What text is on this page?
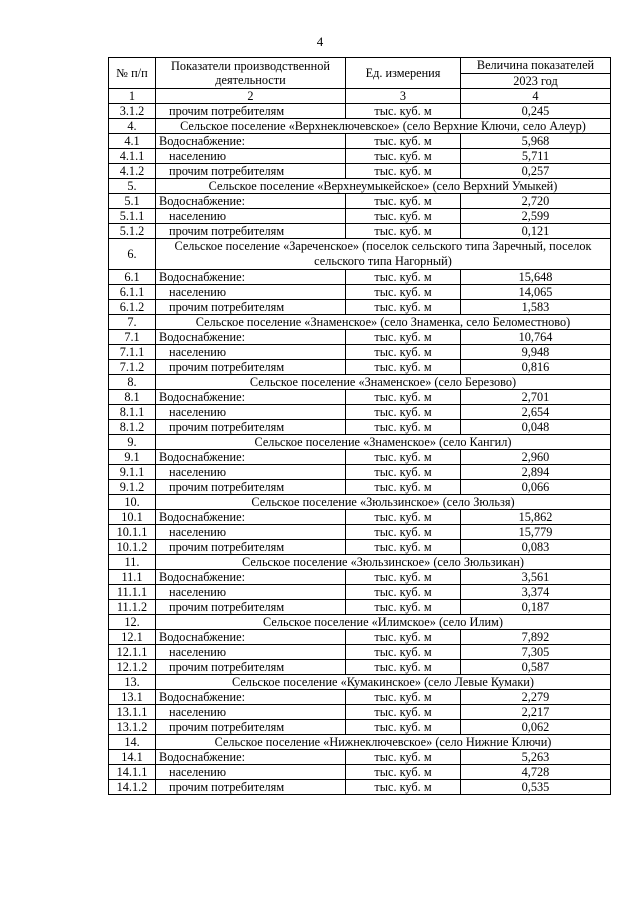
4
№ п/п	Показатели производственной деятельности	Ед. измерения	Величина показателей
			2023 год
1	2	3	4
3.1.2	прочим потребителям	тыс. куб. м	0,245
4.	Сельское поселение «Верхнеключевское» (село Верхние Ключи, село Алеур)		
4.1	Водоснабжение:	тыс. куб. м	5,968
4.1.1	населению	тыс. куб. м	5,711
4.1.2	прочим потребителям	тыс. куб. м	0,257
5.	Сельское поселение «Верхнеумыкейское» (село Верхний Умыкей)		
5.1	Водоснабжение:	тыс. куб. м	2,720
5.1.1	населению	тыс. куб. м	2,599
5.1.2	прочим потребителям	тыс. куб. м	0,121
6.	Сельское поселение «Зареченское» (поселок сельского типа Заречный, поселок сельского типа Нагорный)		
6.1	Водоснабжение:	тыс. куб. м	15,648
6.1.1	населению	тыс. куб. м	14,065
6.1.2	прочим потребителям	тыс. куб. м	1,583
7.	Сельское поселение «Знаменское» (село Знаменка, село Беломестново)		
7.1	Водоснабжение:	тыс. куб. м	10,764
7.1.1	населению	тыс. куб. м	9,948
7.1.2	прочим потребителям	тыс. куб. м	0,816
8.	Сельское поселение «Знаменское» (село Березово)		
8.1	Водоснабжение:	тыс. куб. м	2,701
8.1.1	населению	тыс. куб. м	2,654
8.1.2	прочим потребителям	тыс. куб. м	0,048
9.	Сельское поселение «Знаменское» (село Кангил)		
9.1	Водоснабжение:	тыс. куб. м	2,960
9.1.1	населению	тыс. куб. м	2,894
9.1.2	прочим потребителям	тыс. куб. м	0,066
10.	Сельское поселение «Зюльзинское» (село Зюльзя)		
10.1	Водоснабжение:	тыс. куб. м	15,862
10.1.1	населению	тыс. куб. м	15,779
10.1.2	прочим потребителям	тыс. куб. м	0,083
11.	Сельское поселение «Зюльзинское» (село Зюльзикан)		
11.1	Водоснабжение:	тыс. куб. м	3,561
11.1.1	населению	тыс. куб. м	3,374
11.1.2	прочим потребителям	тыс. куб. м	0,187
12.	Сельское поселение «Илимское» (село Илим)		
12.1	Водоснабжение:	тыс. куб. м	7,892
12.1.1	населению	тыс. куб. м	7,305
12.1.2	прочим потребителям	тыс. куб. м	0,587
13.	Сельское поселение «Кумакинское» (село Левые Кумаки)		
13.1	Водоснабжение:	тыс. куб. м	2,279
13.1.1	населению	тыс. куб. м	2,217
13.1.2	прочим потребителям	тыс. куб. м	0,062
14.	Сельское поселение «Нижнеключевское» (село Нижние Ключи)		
14.1	Водоснабжение:	тыс. куб. м	5,263
14.1.1	населению	тыс. куб. м	4,728
14.1.2	прочим потребителям	тыс. куб. м	0,535
